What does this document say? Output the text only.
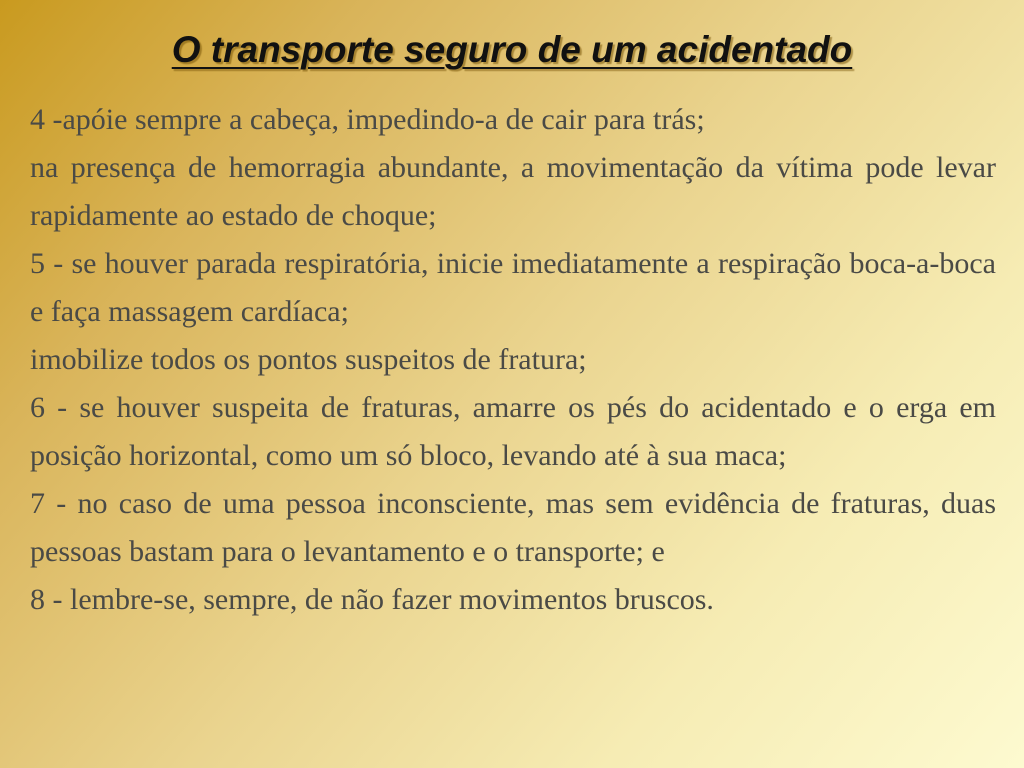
O transporte seguro de um acidentado

4 -apóie sempre a cabeça, impedindo-a de cair para trás;

na presença de hemorragia abundante, a movimentação da vítima pode levar rapidamente ao estado de choque;

5 - se houver parada respiratória, inicie imediatamente a respiração boca-a-boca e faça massagem cardíaca;

imobilize todos os pontos suspeitos de fratura;

6 - se houver suspeita de fraturas, amarre os pés do acidentado e o erga em posição horizontal, como um só bloco, levando até à sua maca;

7 - no caso de uma pessoa inconsciente, mas sem evidência de fraturas, duas pessoas bastam para o levantamento e o transporte; e

8 - lembre-se, sempre, de não fazer movimentos bruscos.
